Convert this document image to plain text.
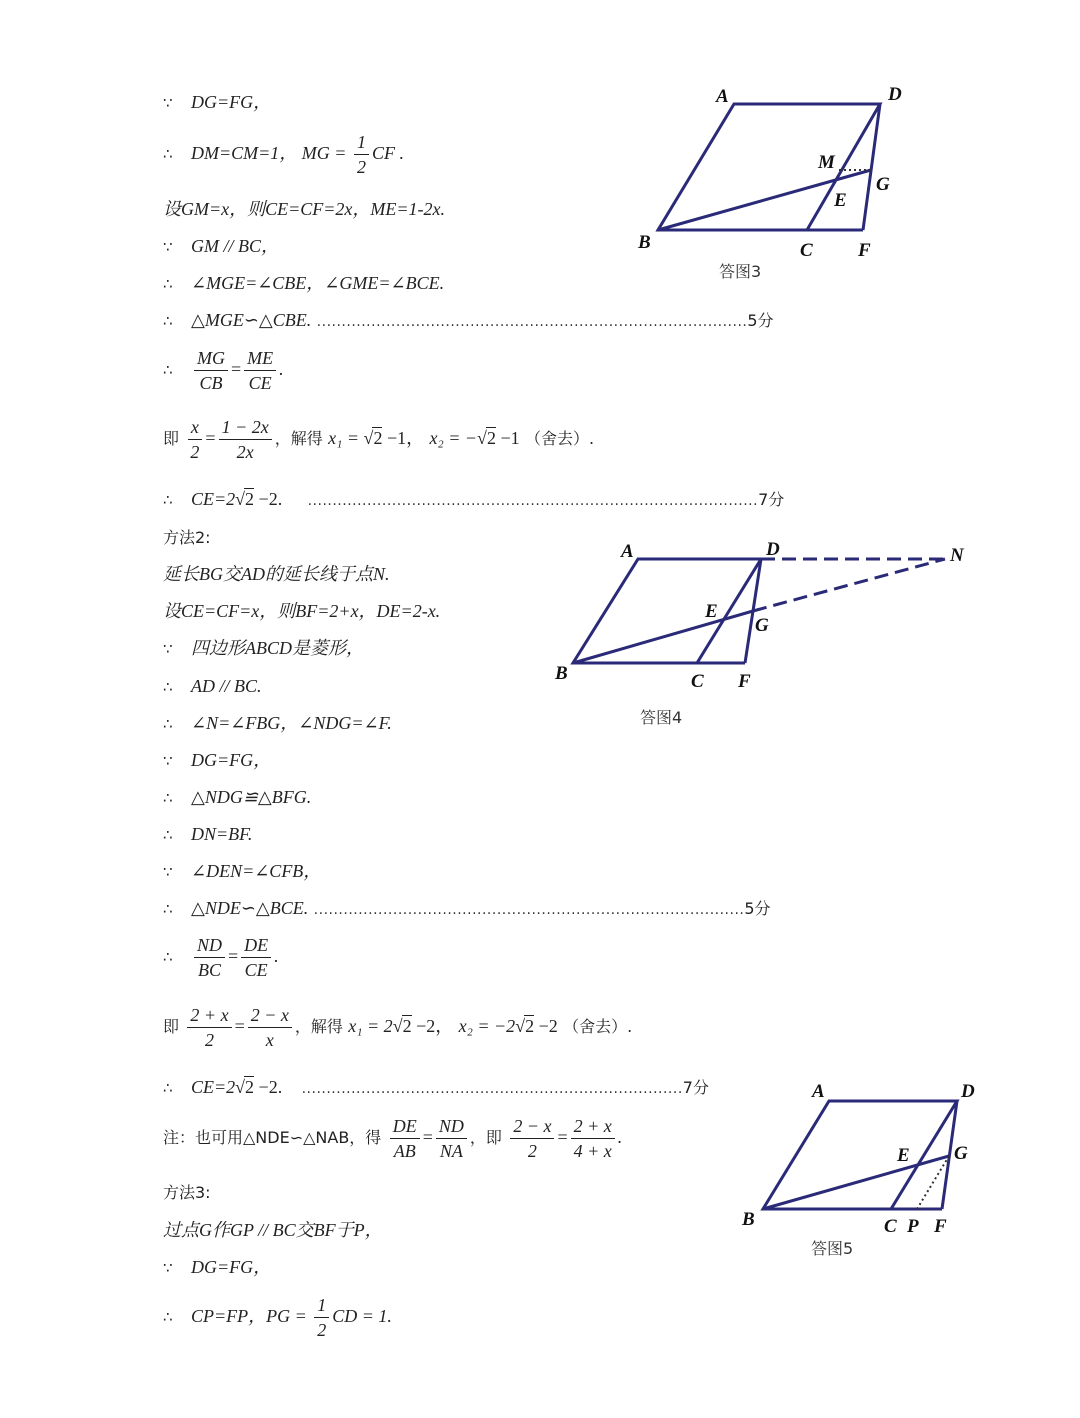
∵ DG=FG，
∴ DM=CM=1， MG = $\frac{1}{2}$ CF .
设GM=x，则CE=CF=2x，ME=1-2x.
∵ GM // BC，
∴ ∠MGE=∠CBE，∠GME=∠BCE.
∴ △MGE∽△CBE. .......................................................................................5分
∴ $\frac{MG}{CB} = \frac{ME}{CE}$ .
即 $\frac{x}{2} = \frac{1 - 2x}{2x}$ ，解得 x₁ = √2 −1， x₂ = −√2 −1 （舍去）.
∴ CE=2√2 −2. ...........................................................................................7分
方法2:
延长BG交AD的延长线于点N.
设CE=CF=x，则BF=2+x，DE=2-x.
∵ 四边形ABCD是菱形，
∴ AD // BC.
∴ ∠N=∠FBG，∠NDG=∠F.
∵ DG=FG，
∴ △NDG≌△BFG.
∴ DN=BF.
∵ ∠DEN=∠CFB，
∴ △NDE∽△BCE. .......................................................................................5分
∴ $\frac{ND}{BC} = \frac{DE}{CE}$ .
即 $\frac{2 + x}{2} = \frac{2 - x}{x}$ ，解得 x₁ = 2√2 −2， x₂ = −2√2 −2 （舍去）.
∴ CE=2√2 −2. .............................................................................7分
注：也可用△NDE∽△NAB，得 $\frac{DE}{AB} = \frac{ND}{NA}$ ，即 $\frac{2 - x}{2} = \frac{2 + x}{4 + x}$ .
方法3:
过点G作GP // BC交BF于P，
∵ DG=FG，
∴ CP=FP，PG = $\frac{1}{2}$ CD = 1.
A	D
M
G
E
B	C F
答图3
A	D	N
E
G
B	C F
答图4
A	D
E G
B	C P F
答图5
